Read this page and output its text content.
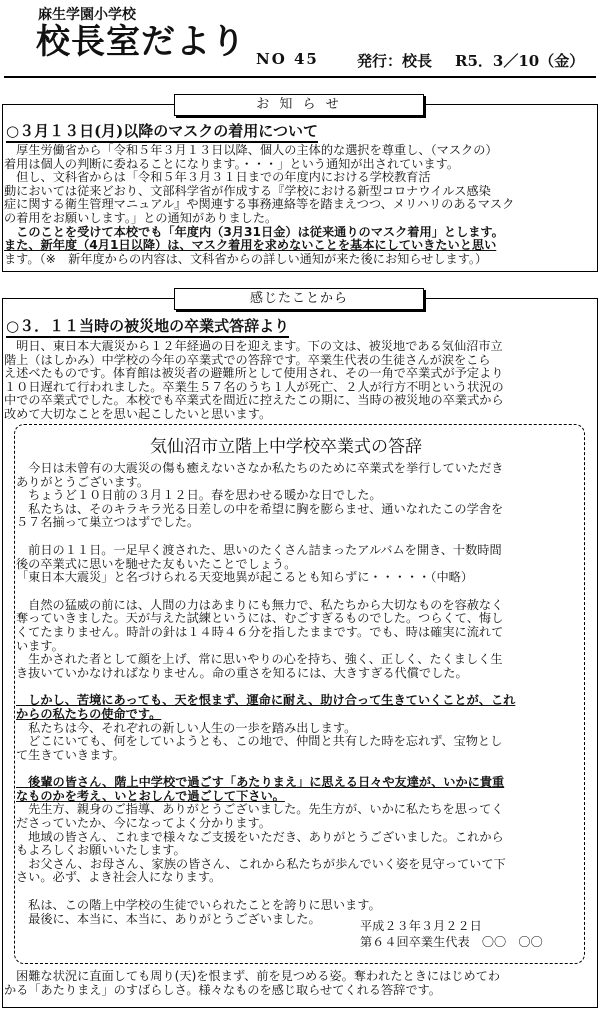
麻生学園小学校
校長室だより NO 45	発行：校長 R5．3／10（金）
お 知 ら せ
○３月１３日(月)以降のマスクの着用について
　厚生労働省から「令和５年３月１３日以降、個人の主体的な選択を尊重し、（マスクの）
着用は個人の判断に委ねることになります。・・・」という通知が出されています。
　但し、文科省からは「令和５年３月３１日までの年度内における学校教育活
動においては従来どおり、文部科学省が作成する『学校における新型コロナウイルス感染
症に関する衛生管理マニュアル』や関連する事務連絡等を踏まえつつ、メリハリのあるマスク
の着用をお願いします。」との通知がありました。
　このことを受けて本校でも「年度内（3月31日金）は従来通りのマスク着用」とします。
また、新年度（4月1日以降）は、マスク着用を求めないことを基本にしていきたいと思い
ます。（※　新年度からの内容は、文科省からの詳しい通知が来た後にお知らせします。）
感じたことから
○３．１１当時の被災地の卒業式答辞より
　明日、東日本大震災から１２年経過の日を迎えます。下の文は、被災地である気仙沼市立
階上（はしかみ）中学校の今年の卒業式での答辞です。卒業生代表の生徒さんが涙をこら
え述べたものです。体育館は被災者の避難所として使用され、その一角で卒業式が予定より
１０日遅れて行われました。卒業生５７名のうち１人が死亡、２人が行方不明という状況の
中での卒業式でした。本校でも卒業式を間近に控えたこの期に、当時の被災地の卒業式から
改めて大切なことを思い起こしたいと思います。
気仙沼市立階上中学校卒業式の答辞
　今日は未曾有の大震災の傷も癒えないさなか私たちのために卒業式を挙行していただき
ありがとうございます。
　ちょうど１０日前の３月１２日。春を思わせる暖かな日でした。
　私たちは、そのキラキラ光る日差しの中を希望に胸を膨らませ、通いなれたこの学舎を
５７名揃って巣立つはずでした。
　前日の１１日。一足早く渡された、思いのたくさん詰まったアルバムを開き、十数時間
後の卒業式に思いを馳せた友もいたことでしょう。
「東日本大震災」と名づけられる天変地異が起こるとも知らずに・・・・・（中略）
　自然の猛威の前には、人間の力はあまりにも無力で、私たちから大切なものを容赦なく
奪っていきました。天が与えた試練というには、むごすぎるものでした。つらくて、悔し
くてたまりません。時計の針は１４時４６分を指したままです。でも、時は確実に流れて
います。
　生かされた者として顔を上げ、常に思いやりの心を持ち、強く、正しく、たくましく生
き抜いていかなければなりません。命の重さを知るには、大きすぎる代償でした。
　しかし、苦境にあっても、天を恨まず、運命に耐え、助け合って生きていくことが、これ
からの私たちの使命です。
　私たちは今、それぞれの新しい人生の一歩を踏み出します。
　どこにいても、何をしていようとも、この地で、仲間と共有した時を忘れず、宝物とし
て生きていきます。
　後輩の皆さん、階上中学校で過ごす「あたりまえ」に思える日々や友達が、いかに貴重
なものかを考え、いとおしんで過ごして下さい。
　先生方、親身のご指導、ありがとうございました。先生方が、いかに私たちを思ってく
ださっていたか、今になってよく分かります。
　地域の皆さん、これまで様々なご支援をいただき、ありがとうございました。これから
もよろしくお願いいたします。
　お父さん、お母さん、家族の皆さん、これから私たちが歩んでいく姿を見守っていて下
さい。必ず、よき社会人になります。
　私は、この階上中学校の生徒でいられたことを誇りに思います。
　最後に、本当に、本当に、ありがとうございました。
平成２３年３月２２日
第６４回卒業生代表　〇〇　〇〇
　困難な状況に直面しても周り(天)を恨まず、前を見つめる姿。奪われたときにはじめてわ
かる「あたりまえ」のすばらしさ。様々なものを感じ取らせてくれる答辞です。
